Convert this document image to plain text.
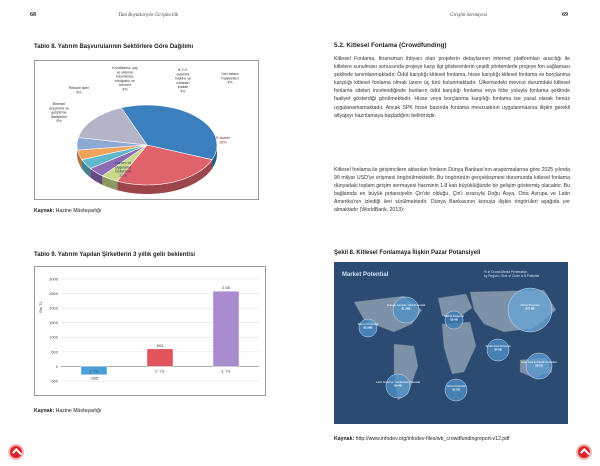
68	Tüm Boyutlarıyla Girişimcilik
Tablo 8. Yatırım Başvurularının Sektörlere Göre Dağılımı
Yazılım ve Uygulama Geliştirme 37%
E-ticaret 26%
Veri tabanı Faaliyetleri 4%
B.Y.S. elektrikli makine ve cihazları imalatı 4%
Konaklama, çay ve olduran hazırlanan, fotoğrafçı ve benzeri 4%
Reklam işleri 4%
Bilimsel araştırma ve geliştirme faaliyetleri 5%
Kaynak: Hazine Müsteşarlığı
Tablo 9. Yatırım Yapılan Şirketlerin 3 yıllık gelir beklentisi
-500
0
500
1000
1500
2000
2500
3000
Bin TL
-285
1. YIL
603
2. YIL
2.58
3. YIL
Kaynak: Hazine Müsteşarlığı
Girişim Sermayesi	69
5.2. Kitlesel Fonlama (Crowdfunding)
Kitlesel Fonlama, finansman ihtiyacı olan projelerin detaylarının internet platformları aracılığı ile kitlelere sunulması sonucunda projeye karşı ilgi gösterenlerin çeşitli yöntemlerle projeye fon sağlaması şeklinde tanımlanmaktadır. Ödül karşılığı kitlesel fonlama, hisse karşılığı kitlesel fonlama ve borçlanma karşılığı kitlesel fonlama olmak üzere üç türü bulunmaktadır. Ülkemizdeki mevcut durumdaki kitlesel fonlama siteleri incelendiğinde bunların ödül karşılığı fonlama veya hibe yoluyla fonlama şeklinde faaliyet gösterdiği görülmektedir. Hisse veya borçlanma karşılığı fonlama ise yasal olarak henüz uygulanamamaktadır. Ancak SPK hisse bazında fonlama mevzuatının uygulanmasına ilişkin gerekli altyapıyı hazırlamaya başladığını belirtmiştir.
Kitlesel fonlama ile girişimcilere aktarılan fonların Dünya Bankası'nın araştırmalarına göre 2025 yılında 90 milyar USD'ye erişmesi öngörülmektedir. Bu öngörünün gerçekleşmesi durumunda kitlesel fonlama dünyadaki toplam girişim sermayesi hacminin 1.8 katı büyüklüğünde bir gelişim göstermiş olacaktır. Bu bağlamda en büyük potansiyelin Çin'de olduğu, Çin'i sırasıyla Doğu Asya, Orta Avrupa ve Latin Amerika'nın izlediği ileri sürülmektedir. Dünya Bankasının konuya ilişkin öngörüleri aşağıda yer almaktadır (WorldBank, 2013):
Şekil 8. Kitlesel Fonlamaya İlişkin Pazar Potansiyeli
Market Potential	% in Crowd-Media Penetration
by Region • Size of Circle is $ Potential
Europe Central / Asia Potential $1.36B
Rest of Potential $2.59B
MENA Potential $0.4B
China Potential $47.6B
South Asia Potential $4.0B
East Asia & Pacific Potential $8.2B
Latin America / Caribbean Potential $4.4B	Africa Potential $2.5B
Kaynak: http://www.infodev.org/infodev-files/wb_crowdfundingreport-v12.pdf
